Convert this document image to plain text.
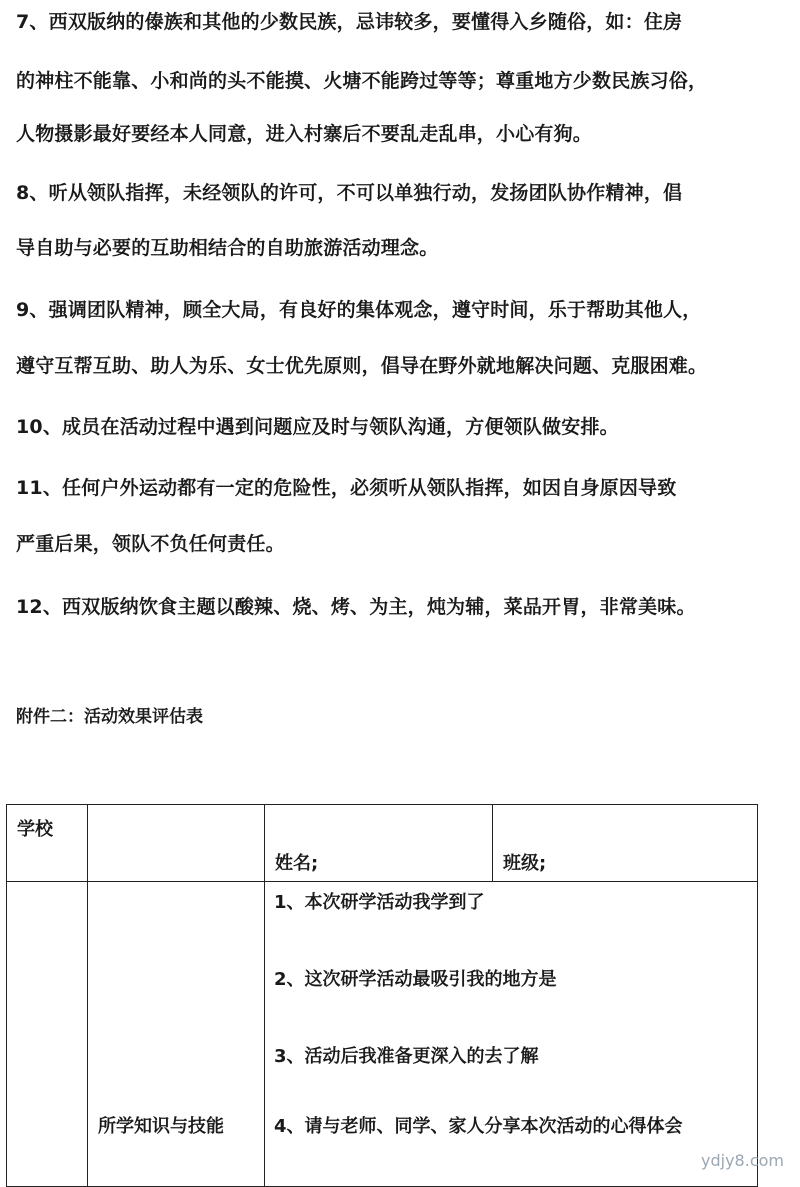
7、西双版纳的傣族和其他的少数民族，忌讳较多，要懂得入乡随俗，如：住房

的神柱不能靠、小和尚的头不能摸、火塘不能跨过等等；尊重地方少数民族习俗，

人物摄影最好要经本人同意，进入村寨后不要乱走乱串，小心有狗。

8、听从领队指挥，未经领队的许可，不可以单独行动，发扬团队协作精神，倡

导自助与必要的互助相结合的自助旅游活动理念。

9、强调团队精神，顾全大局，有良好的集体观念，遵守时间，乐于帮助其他人，

遵守互帮互助、助人为乐、女士优先原则，倡导在野外就地解决问题、克服困难。

10、成员在活动过程中遇到问题应及时与领队沟通，方便领队做安排。

11、任何户外运动都有一定的危险性，必须听从领队指挥，如因自身原因导致

严重后果，领队不负任何责任。

12、西双版纳饮食主题以酸辣、烧、烤、为主，炖为辅，菜品开胃，非常美味。

附件二：活动效果评估表

学校		姓名;	班级;

	所学知识与技能	1、本次研学活动我学到了
2、这次研学活动最吸引我的地方是
3、活动后我准备更深入的去了解
4、请与老师、同学、家人分享本次活动的心得体会	
ydjy8.com
